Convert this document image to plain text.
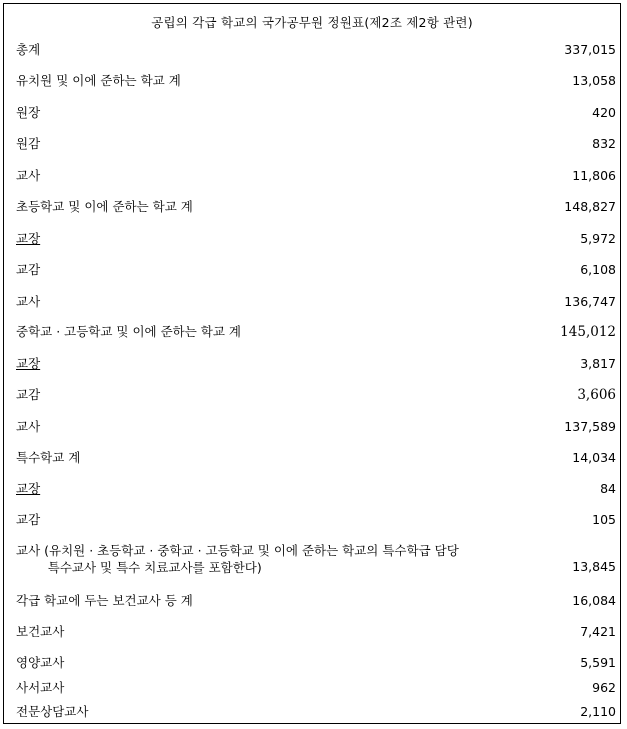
공립의 각급 학교의 국가공무원 정원표(제2조 제2항 관련)
총계	337,015
유치원 및 이에 준하는 학교 계	13,058
원장	420
원감	832
교사	11,806
초등학교 및 이에 준하는 학교 계	148,827
교장	5,972
교감	6,108
교사	136,747
중학교 · 고등학교 및 이에 준하는 학교 계	145,012
교장	3,817
교감	3,606
교사	137,589
특수학교 계	14,034
교장	84
교감	105
교사 (유치원 · 초등학교 · 중학교 · 고등학교 및 이에 준하는 학교의 특수학급 담당
특수교사 및 특수 치료교사를 포함한다)	13,845
각급 학교에 두는 보건교사 등 계	16,084
보건교사	7,421
영양교사	5,591
사서교사	962
전문상담교사	2,110
